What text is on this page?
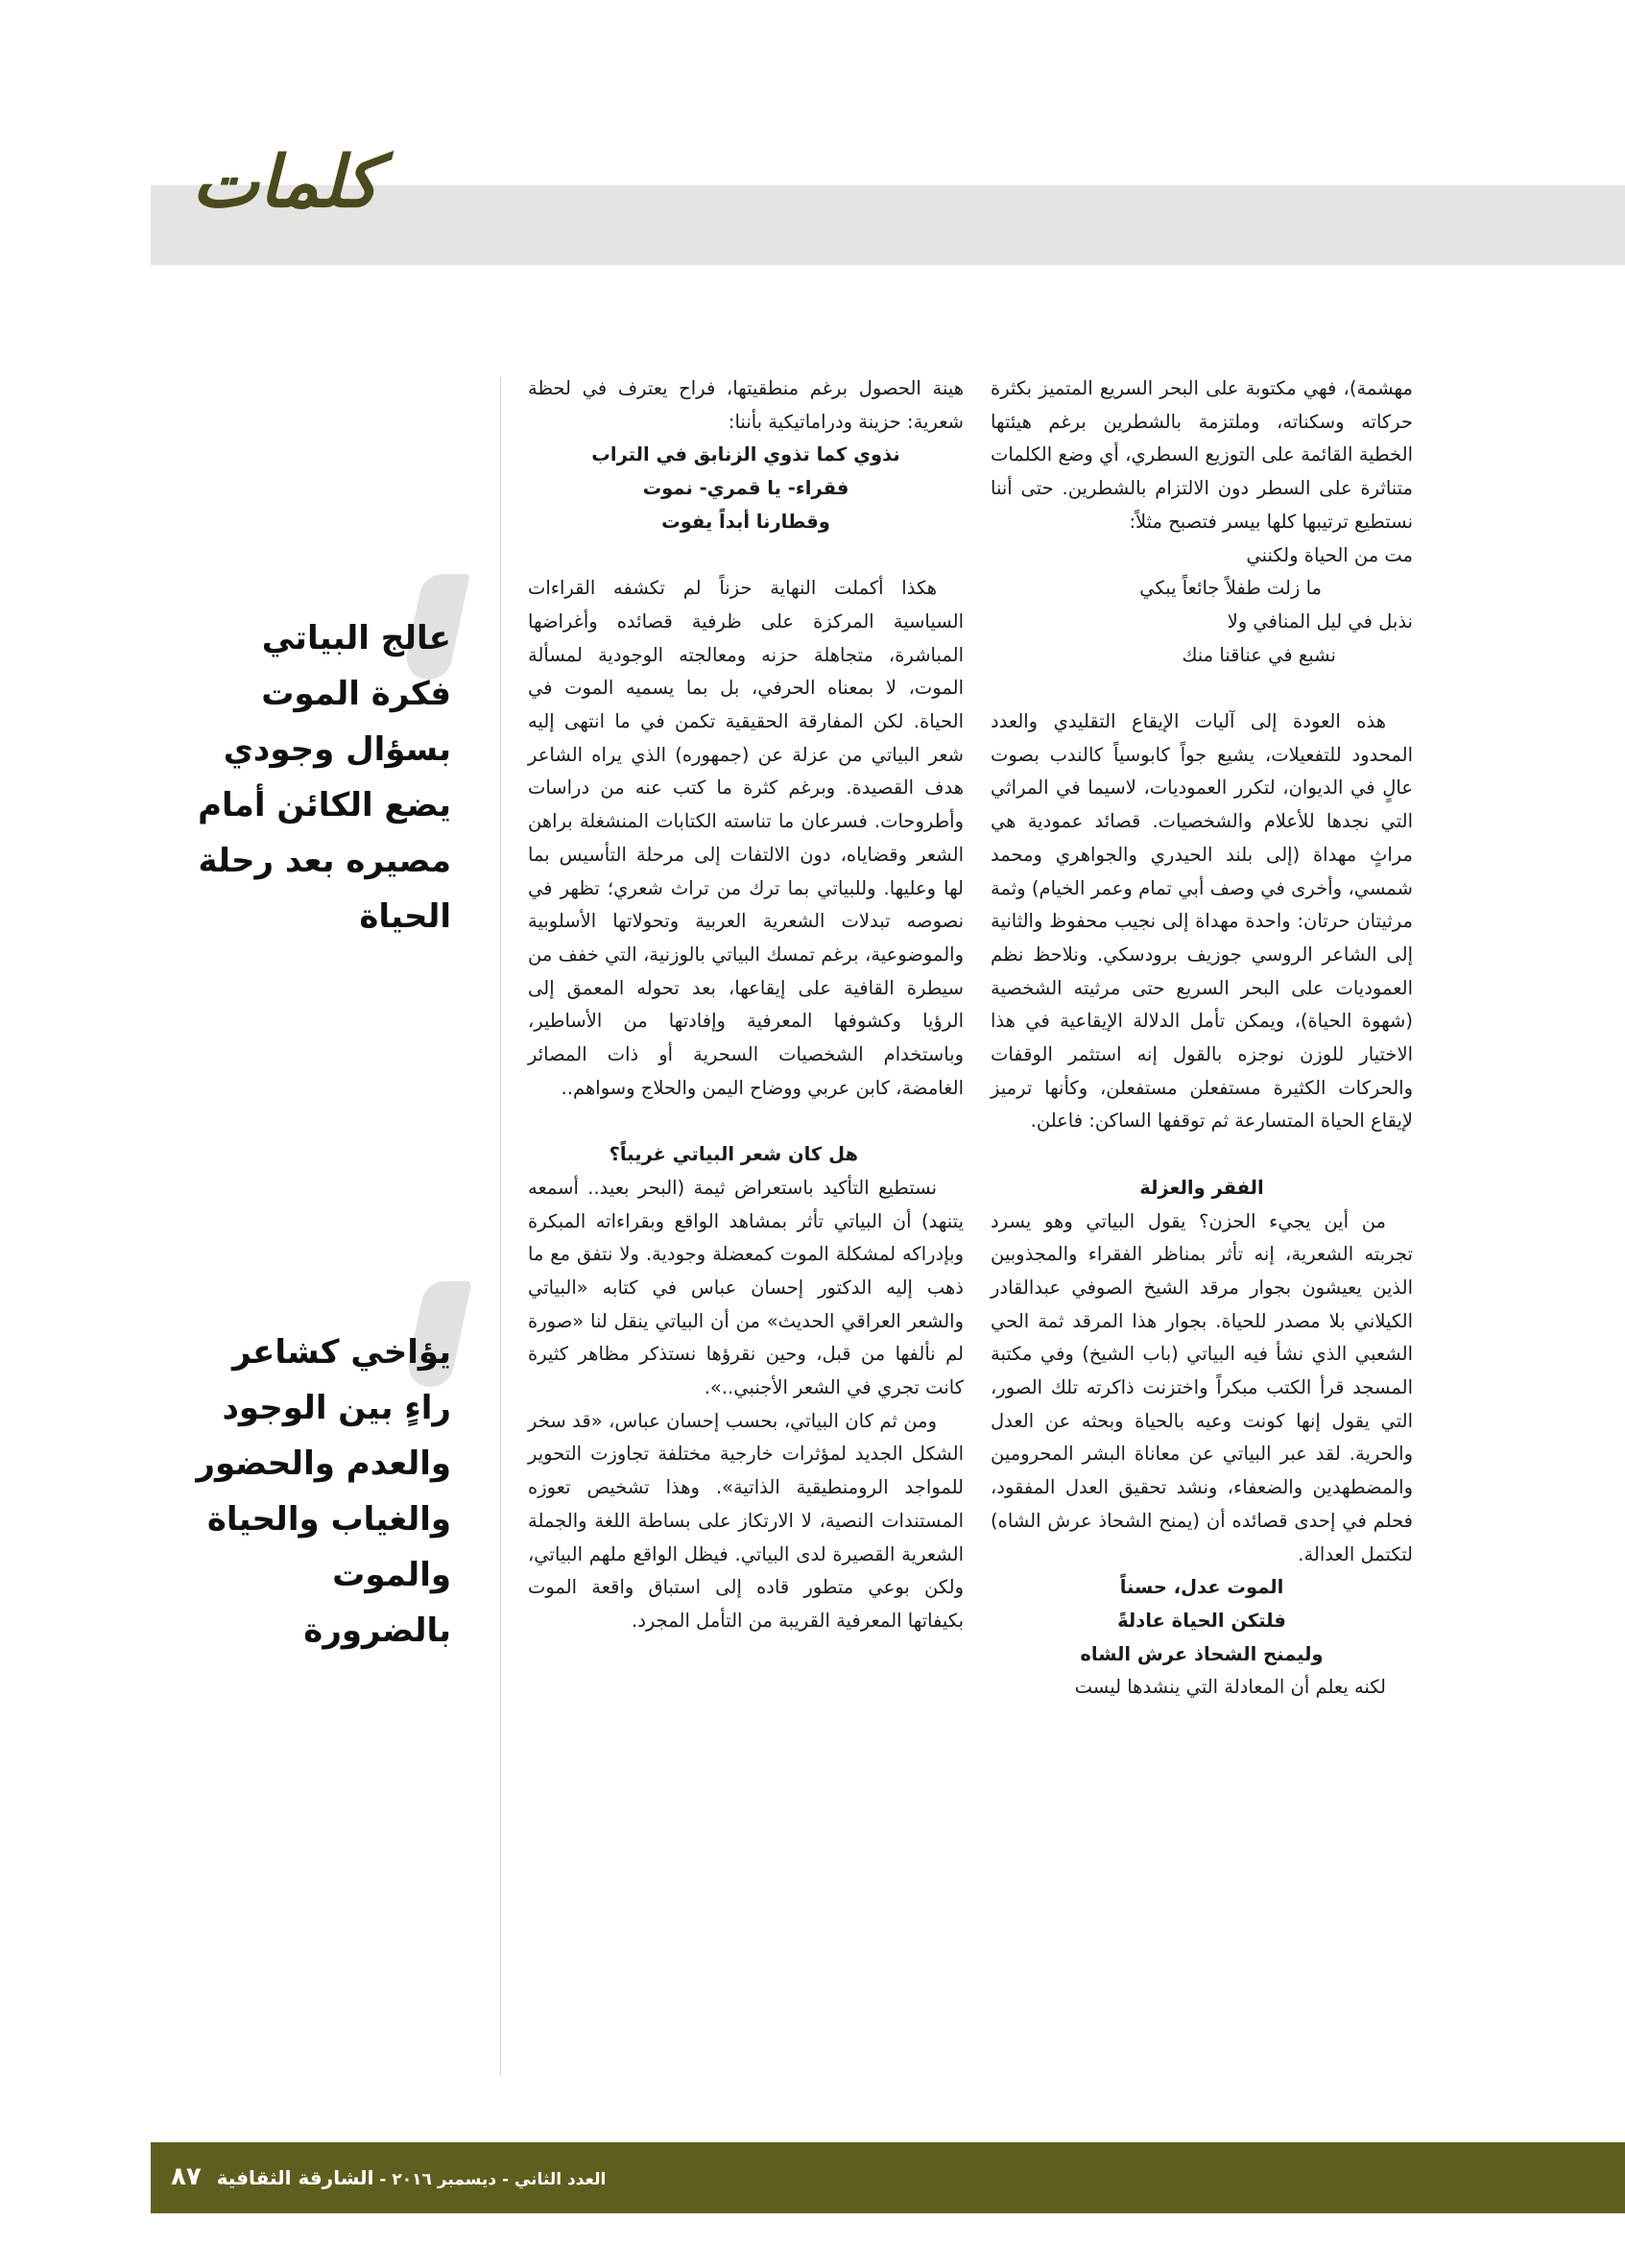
كلمات

مهشمة)، فهي مكتوبة على البحر السريع المتميز بكثرة حركاته وسكناته، وملتزمة بالشطرين برغم هيئتها الخطية القائمة على التوزيع السطري، أي وضع الكلمات متناثرة على السطر دون الالتزام بالشطرين. حتى أننا نستطيع ترتيبها كلها بيسر فتصبح مثلاً:

مت من الحياة ولكنني
ما زلت طفلاً جائعاً يبكي
نذبل في ليل المنافي ولا
نشبع في عناقنا منك

هذه العودة إلى آليات الإيقاع التقليدي والعدد المحدود للتفعيلات، يشيع جواً كابوسياً كالندب بصوت عالٍ في الديوان، لتكرر العموديات، لاسيما في المراثي التي نجدها للأعلام والشخصيات. قصائد عمودية هي مراثٍ مهداة (إلى بلند الحيدري والجواهري ومحمد شمسي، وأخرى في وصف أبي تمام وعمر الخيام) وثمة مرثيتان حرتان: واحدة مهداة إلى نجيب محفوظ والثانية إلى الشاعر الروسي جوزيف برودسكي. ونلاحظ نظم العموديات على البحر السريع حتى مرثيته الشخصية (شهوة الحياة)، ويمكن تأمل الدلالة الإيقاعية في هذا الاختيار للوزن نوجزه بالقول إنه استثمر الوقفات والحركات الكثيرة مستفعلن مستفعلن، وكأنها ترميز لإيقاع الحياة المتسارعة ثم توقفها الساكن: فاعلن.

الفقر والعزلة

من أين يجيء الحزن؟ يقول البياتي وهو يسرد تجربته الشعرية، إنه تأثر بمناظر الفقراء والمجذوبين الذين يعيشون بجوار مرقد الشيخ الصوفي عبدالقادر الكيلاني بلا مصدر للحياة. بجوار هذا المرقد ثمة الحي الشعبي الذي نشأ فيه البياتي (باب الشيخ) وفي مكتبة المسجد قرأ الكتب مبكراً واختزنت ذاكرته تلك الصور، التي يقول إنها كونت وعيه بالحياة وبحثه عن العدل والحرية. لقد عبر البياتي عن معاناة البشر المحرومين والمضطهدين والضعفاء، ونشد تحقيق العدل المفقود، فحلم في إحدى قصائده أن (يمنح الشحاذ عرش الشاه) لتكتمل العدالة.

الموت عدل، حسناً
فلتكن الحياة عادلةً
وليمنح الشحاذ عرش الشاه

لكنه يعلم أن المعادلة التي ينشدها ليست

هينة الحصول برغم منطقيتها، فراح يعترف في لحظة شعرية: حزينة ودراماتيكية بأننا:

نذوي كما تذوي الزنابق في التراب
فقراء- يا قمري- نموت
وقطارنا أبداً يفوت

هكذا أكملت النهاية حزناً لم تكشفه القراءات السياسية المركزة على ظرفية قصائده وأغراضها المباشرة، متجاهلة حزنه ومعالجته الوجودية لمسألة الموت، لا بمعناه الحرفي، بل بما يسميه الموت في الحياة. لكن المفارقة الحقيقية تكمن في ما انتهى إليه شعر البياتي من عزلة عن (جمهوره) الذي يراه الشاعر هدف القصيدة. وبرغم كثرة ما كتب عنه من دراسات وأطروحات. فسرعان ما تناسته الكتابات المنشغلة براهن الشعر وقضاياه، دون الالتفات إلى مرحلة التأسيس بما لها وعليها. وللبياتي بما ترك من تراث شعري؛ تظهر في نصوصه تبدلات الشعرية العربية وتحولاتها الأسلوبية والموضوعية، برغم تمسك البياتي بالوزنية، التي خفف من سيطرة القافية على إيقاعها، بعد تحوله المعمق إلى الرؤيا وكشوفها المعرفية وإفادتها من الأساطير، وباستخدام الشخصيات السحرية أو ذات المصائر الغامضة، كابن عربي ووضاح اليمن والحلاج وسواهم..

هل كان شعر البياتي غريباً؟

نستطيع التأكيد باستعراض ثيمة (البحر بعيد.. أسمعه يتنهد) أن البياتي تأثر بمشاهد الواقع وبقراءاته المبكرة وبإدراكه لمشكلة الموت كمعضلة وجودية. ولا نتفق مع ما ذهب إليه الدكتور إحسان عباس في كتابه «البياتي والشعر العراقي الحديث» من أن البياتي ينقل لنا «صورة لم نألفها من قبل، وحين نقرؤها نستذكر مظاهر كثيرة كانت تجري في الشعر الأجنبي..».

ومن ثم كان البياتي، بحسب إحسان عباس، «قد سخر الشكل الجديد لمؤثرات خارجية مختلفة تجاوزت التحوير للمواجد الرومنطيقية الذاتية». وهذا تشخيص تعوزه المستندات النصية، لا الارتكاز على بساطة اللغة والجملة الشعرية القصيرة لدى البياتي. فيظل الواقع ملهم البياتي، ولكن بوعي متطور قاده إلى استباق واقعة الموت بكيفاتها المعرفية القريبة من التأمل المجرد.

عالج البياتي فكرة الموت بسؤال وجودي يضع الكائن أمام مصيره بعد رحلة الحياة

يؤاخي كشاعر راءٍ بين الوجود والعدم والحضور والغياب والحياة والموت بالضرورة

العدد الثاني - ديسمبر ٢٠١٦ - الشارقة الثقافية ٨٧
